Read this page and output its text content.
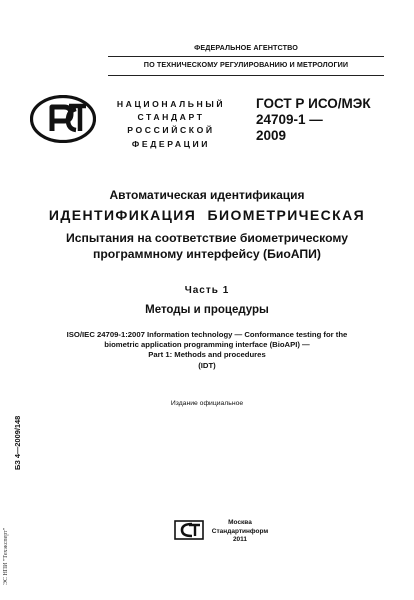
ФЕДЕРАЛЬНОЕ АГЕНТСТВО
ПО ТЕХНИЧЕСКОМУ РЕГУЛИРОВАНИЮ И МЕТРОЛОГИИ
НАЦИОНАЛЬНЫЙ
СТАНДАРТ
РОССИЙСКОЙ
ФЕДЕРАЦИИ
ГОСТ Р ИСО/МЭК
24709-1 —
2009
Автоматическая идентификация
ИДЕНТИФИКАЦИЯ БИОМЕТРИЧЕСКАЯ
Испытания на соответствие биометрическому
программному интерфейсу (БиоАПИ)
Часть 1
Методы и процедуры
ISO/IEC 24709-1:2007 Information technology — Conformance testing for the
biometric application programming interface (BioAPI) —
Part 1: Methods and procedures
(IDT)
Издание официальное
БЗ 4—2009/148
ЭС НПИ "Техэксперт"
Москва
Стандартинформ
2011
